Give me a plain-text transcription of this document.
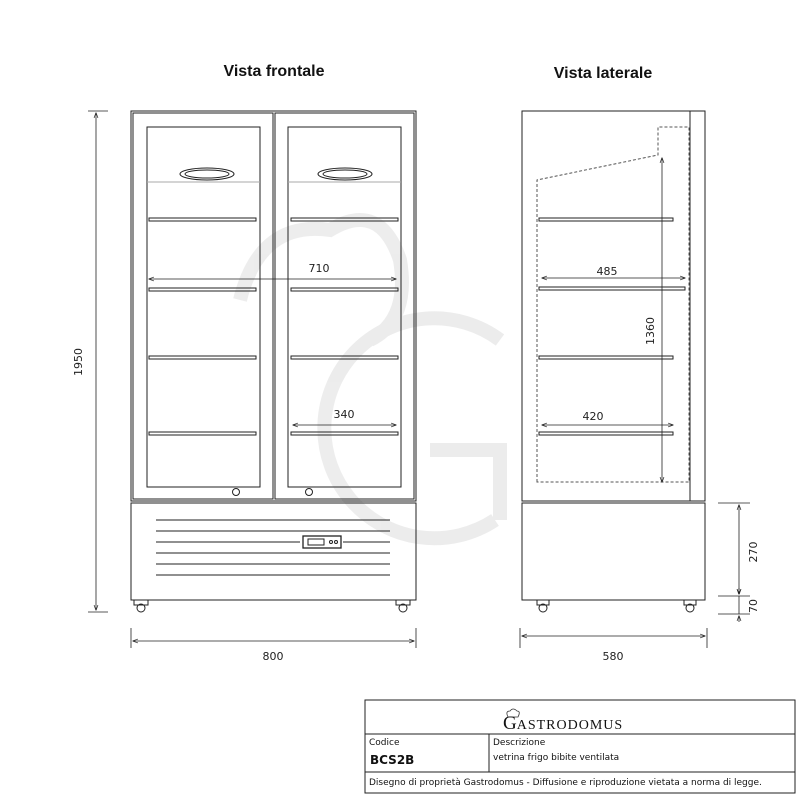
Vista frontale	Vista laterale
1950
800
710
340
485
420
1360
580
270
70
GASTRODOMUS
Codice
BCS2B
Descrizione
vetrina frigo bibite ventilata
Disegno di proprietà Gastrodomus - Diffusione e riproduzione vietata a norma di legge.
